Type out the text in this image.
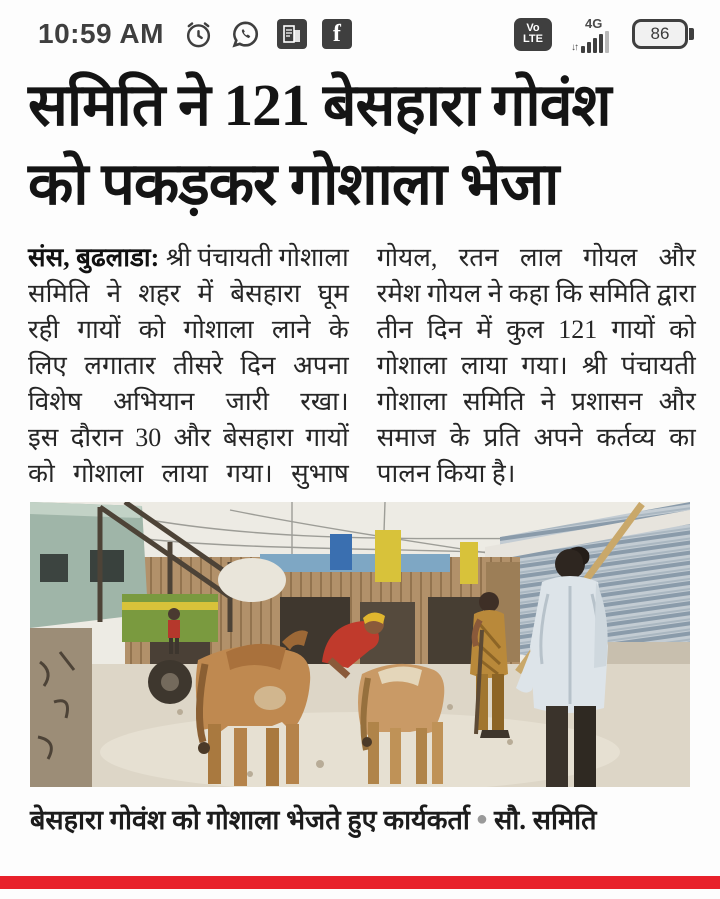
10:59 AM	f	Vo
LTE
4G
↓↑
86
समिति ने 121 बेसहारा गोवंश
को पकड़कर गोशाला भेजा
संस, बुढलाडा: श्री पंचायती गोशाला
समिति ने शहर में बेसहारा घूम
रही गायों को गोशाला लाने के
लिए लगातार तीसरे दिन अपना
विशेष अभियान जारी रखा।
इस दौरान 30 और बेसहारा गायों
को गोशाला लाया गया। सुभाष
गोयल, रतन लाल गोयल और
रमेश गोयल ने कहा कि समिति द्वारा
तीन दिन में कुल 121 गायों को
गोशाला लाया गया। श्री पंचायती
गोशाला समिति ने प्रशासन और
समाज के प्रति अपने कर्तव्य का
पालन किया है।
बेसहारा गोवंश को गोशाला भेजते हुए कार्यकर्ता ● सौ. समिति
